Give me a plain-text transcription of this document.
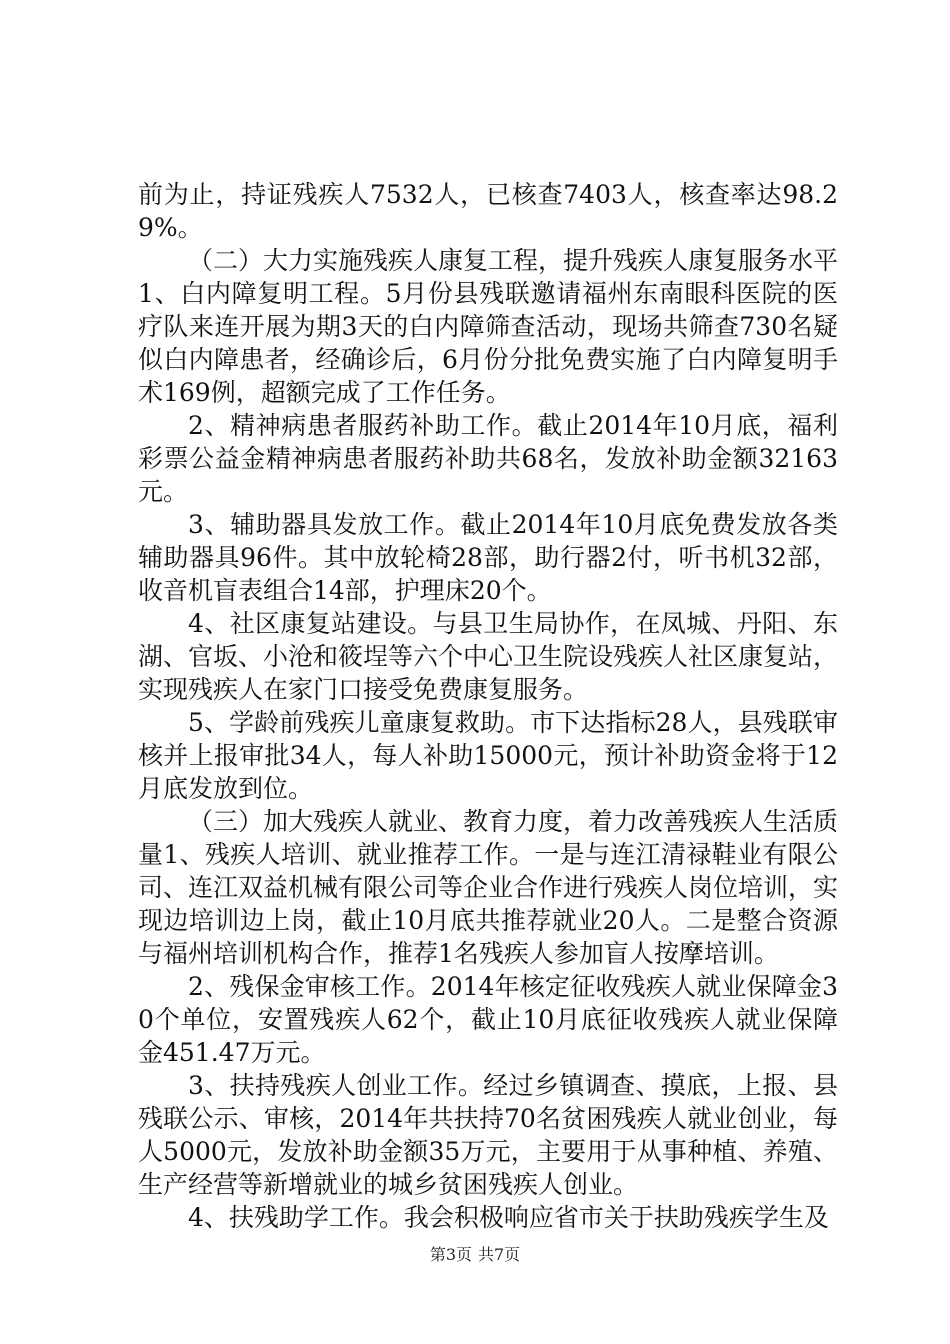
前为止，持证残疾人7532人，已核查7403人，核查率达98.29%。

（二）大力实施残疾人康复工程，提升残疾人康复服务水平1、白内障复明工程。5月份县残联邀请福州东南眼科医院的医疗队来连开展为期3天的白内障筛查活动，现场共筛查730名疑似白内障患者，经确诊后，6月份分批免费实施了白内障复明手术169例，超额完成了工作任务。

2、精神病患者服药补助工作。截止2014年10月底，福利彩票公益金精神病患者服药补助共68名，发放补助金额32163元。

3、辅助器具发放工作。截止2014年10月底免费发放各类辅助器具96件。其中放轮椅28部，助行器2付，听书机32部，收音机盲表组合14部，护理床20个。

4、社区康复站建设。与县卫生局协作，在凤城、丹阳、东湖、官坂、小沧和筱埕等六个中心卫生院设残疾人社区康复站，实现残疾人在家门口接受免费康复服务。

5、学龄前残疾儿童康复救助。市下达指标28人，县残联审核并上报审批34人，每人补助15000元，预计补助资金将于12月底发放到位。

（三）加大残疾人就业、教育力度，着力改善残疾人生活质量1、残疾人培训、就业推荐工作。一是与连江清禄鞋业有限公司、连江双益机械有限公司等企业合作进行残疾人岗位培训，实现边培训边上岗，截止10月底共推荐就业20人。二是整合资源与福州培训机构合作，推荐1名残疾人参加盲人按摩培训。

2、残保金审核工作。2014年核定征收残疾人就业保障金30个单位，安置残疾人62个，截止10月底征收残疾人就业保障金451.47万元。

3、扶持残疾人创业工作。经过乡镇调查、摸底，上报、县残联公示、审核，2014年共扶持70名贫困残疾人就业创业，每人5000元，发放补助金额35万元，主要用于从事种植、养殖、生产经营等新增就业的城乡贫困残疾人创业。

4、扶残助学工作。我会积极响应省市关于扶助残疾学生及

第3页 共7页
